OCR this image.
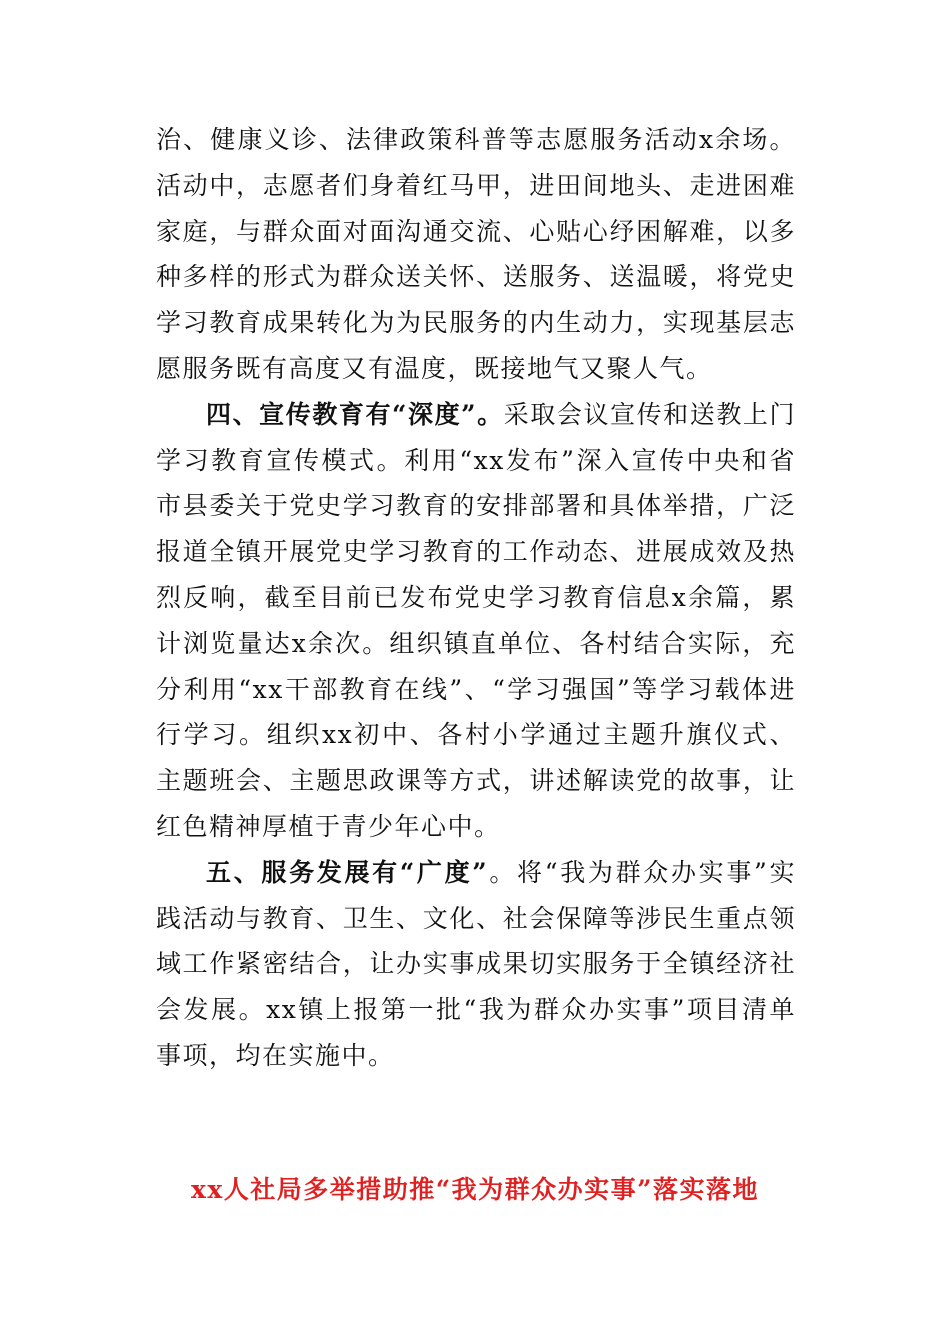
治、健康义诊、法律政策科普等志愿服务活动x余场。活动中，志愿者们身着红马甲，进田间地头、走进困难家庭，与群众面对面沟通交流、心贴心纾困解难，以多种多样的形式为群众送关怀、送服务、送温暖，将党史学习教育成果转化为为民服务的内生动力，实现基层志愿服务既有高度又有温度，既接地气又聚人气。

四、宣传教育有“深度”。采取会议宣传和送教上门学习教育宣传模式。利用“xx发布”深入宣传中央和省市县委关于党史学习教育的安排部署和具体举措，广泛报道全镇开展党史学习教育的工作动态、进展成效及热烈反响，截至目前已发布党史学习教育信息x余篇，累计浏览量达x余次。组织镇直单位、各村结合实际，充分利用“xx干部教育在线”、“学习强国”等学习载体进行学习。组织xx初中、各村小学通过主题升旗仪式、主题班会、主题思政课等方式，讲述解读党的故事，让红色精神厚植于青少年心中。

五、服务发展有“广度”。将“我为群众办实事”实践活动与教育、卫生、文化、社会保障等涉民生重点领域工作紧密结合，让办实事成果切实服务于全镇经济社会发展。xx镇上报第一批“我为群众办实事”项目清单事项，均在实施中。

xx人社局多举措助推“我为群众办实事”落实落地
